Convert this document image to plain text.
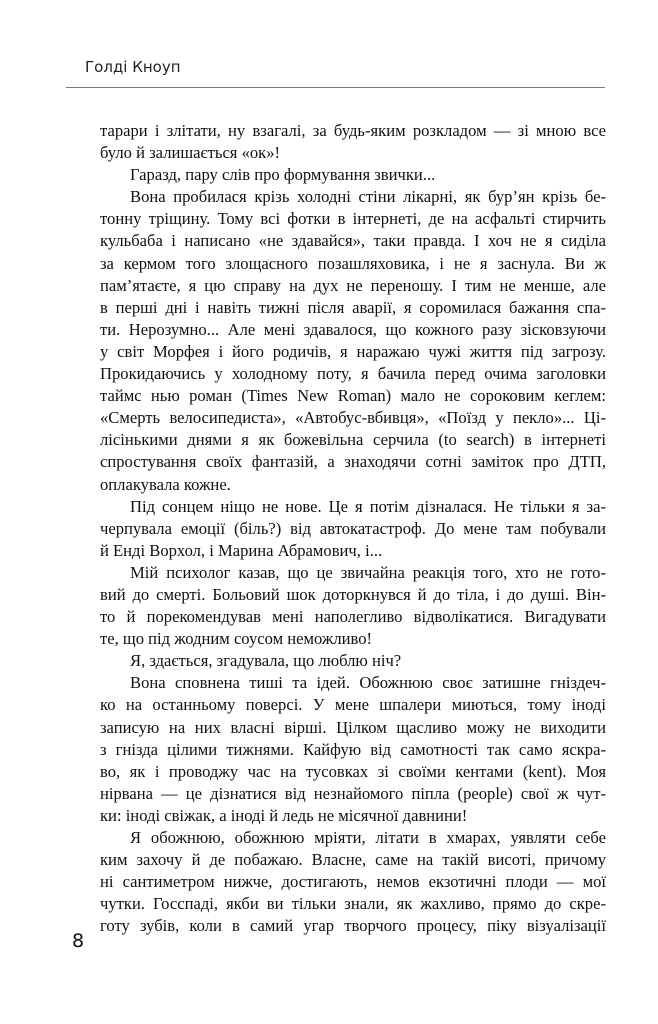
Голді Кноуп
тарари і злітати, ну взагалі, за будь-яким розкладом — зі мною все
було й залишається «ок»!
Гаразд, пару слів про формування звички...
Вона пробилася крізь холодні стіни лікарні, як бур’ян крізь бе-
тонну тріщину. Тому всі фотки в інтернеті, де на асфальті стирчить
кульбаба і написано «не здавайся», таки правда. І хоч не я сиділа
за кермом того злощасного позашляховика, і не я заснула. Ви ж
пам’ятаєте, я цю справу на дух не переношу. І тим не менше, але
в перші дні і навіть тижні після аварії, я соромилася бажання спа-
ти. Нерозумно... Але мені здавалося, що кожного разу зісковзуючи
у світ Морфея і його родичів, я наражаю чужі життя під загрозу.
Прокидаючись у холодному поту, я бачила перед очима заголовки
таймс нью роман (Times New Roman) мало не сороковим кеглем:
«Смерть велосипедиста», «Автобус-вбивця», «Поїзд у пекло»... Ці-
лісінькими днями я як божевільна серчила (to search) в інтернеті
спростування своїх фантазій, а знаходячи сотні заміток про ДТП,
оплакувала кожне.
Під сонцем ніщо не нове. Це я потім дізналася. Не тільки я за-
черпувала емоції (біль?) від автокатастроф. До мене там побували
й Енді Ворхол, і Марина Абрамович, і...
Мій психолог казав, що це звичайна реакція того, хто не гото-
вий до смерті. Больовий шок доторкнувся й до тіла, і до душі. Він-
то й порекомендував мені наполегливо відволікатися. Вигадувати
те, що під жодним соусом неможливо!
Я, здається, згадувала, що люблю ніч?
Вона сповнена тиші та ідей. Обожнюю своє затишне гніздеч-
ко на останньому поверсі. У мене шпалери миються, тому іноді
записую на них власні вірші. Цілком щасливо можу не виходити
з гнізда цілими тижнями. Кайфую від самотності так само яскра-
во, як і проводжу час на тусовках зі своїми кентами (kent). Моя
нірвана — це дізнатися від незнайомого піпла (people) свої ж чут-
ки: іноді свіжак, а іноді й ледь не місячної давнини!
Я обожнюю, обожнюю мріяти, літати в хмарах, уявляти себе
ким захочу й де побажаю. Власне, саме на такій висоті, причому
ні сантиметром нижче, достигають, немов екзотичні плоди — мої
чутки. Госспаді, якби ви тільки знали, як жахливо, прямо до скре-
готу зубів, коли в самий угар творчого процесу, піку візуалізації
8
